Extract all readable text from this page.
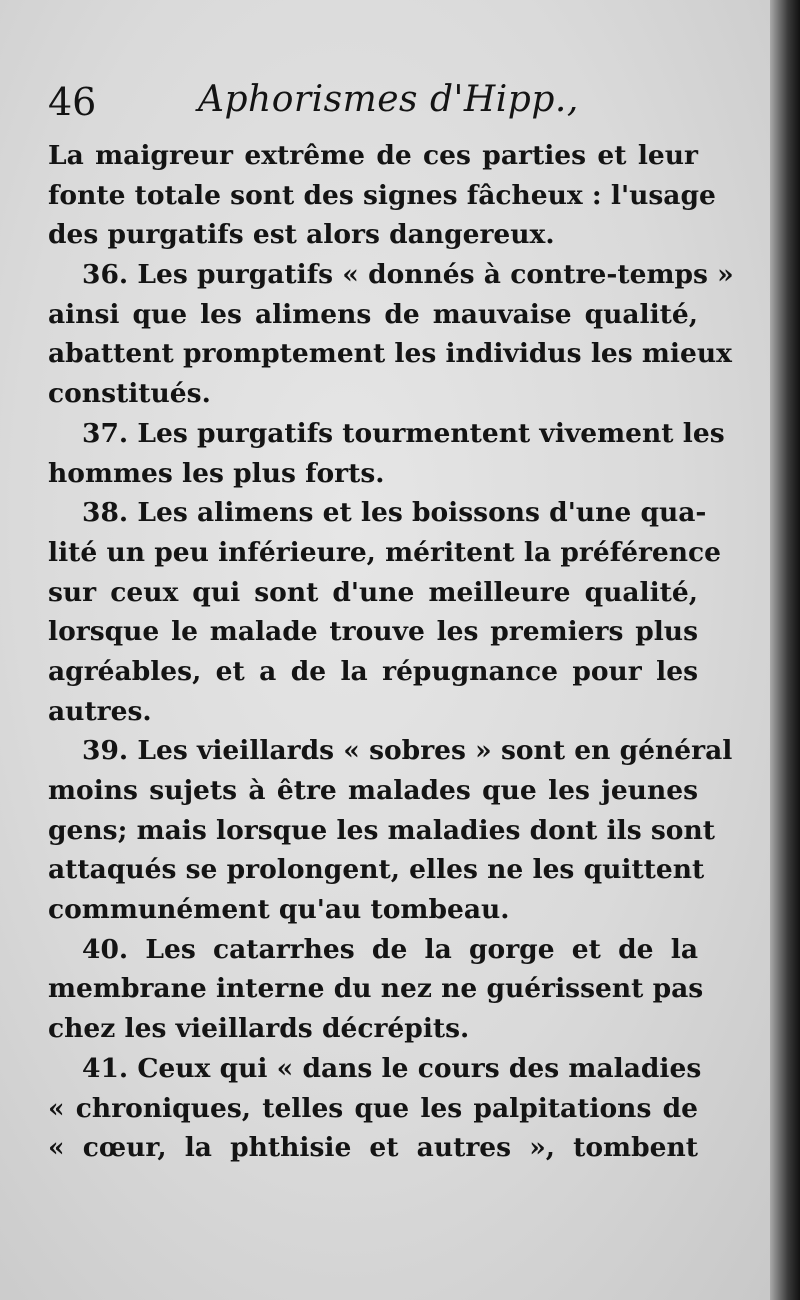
46	Aphorismes d'Hipp.,
La maigreur extrême de ces parties et leur
fonte totale sont des signes fâcheux : l'usage
des purgatifs est alors dangereux.
36. Les purgatifs « donnés à contre-temps »
ainsi que les alimens de mauvaise qualité,
abattent promptement les individus les mieux
constitués.
37. Les purgatifs tourmentent vivement les
hommes les plus forts.
38. Les alimens et les boissons d'une qua-
lité un peu inférieure, méritent la préférence
sur ceux qui sont d'une meilleure qualité,
lorsque le malade trouve les premiers plus
agréables, et a de la répugnance pour les
autres.
39. Les vieillards « sobres » sont en général
moins sujets à être malades que les jeunes
gens; mais lorsque les maladies dont ils sont
attaqués se prolongent, elles ne les quittent
communément qu'au tombeau.
40. Les catarrhes de la gorge et de la
membrane interne du nez ne guérissent pas
chez les vieillards décrépits.
41. Ceux qui « dans le cours des maladies
« chroniques, telles que les palpitations de
« cœur, la phthisie et autres », tombent
